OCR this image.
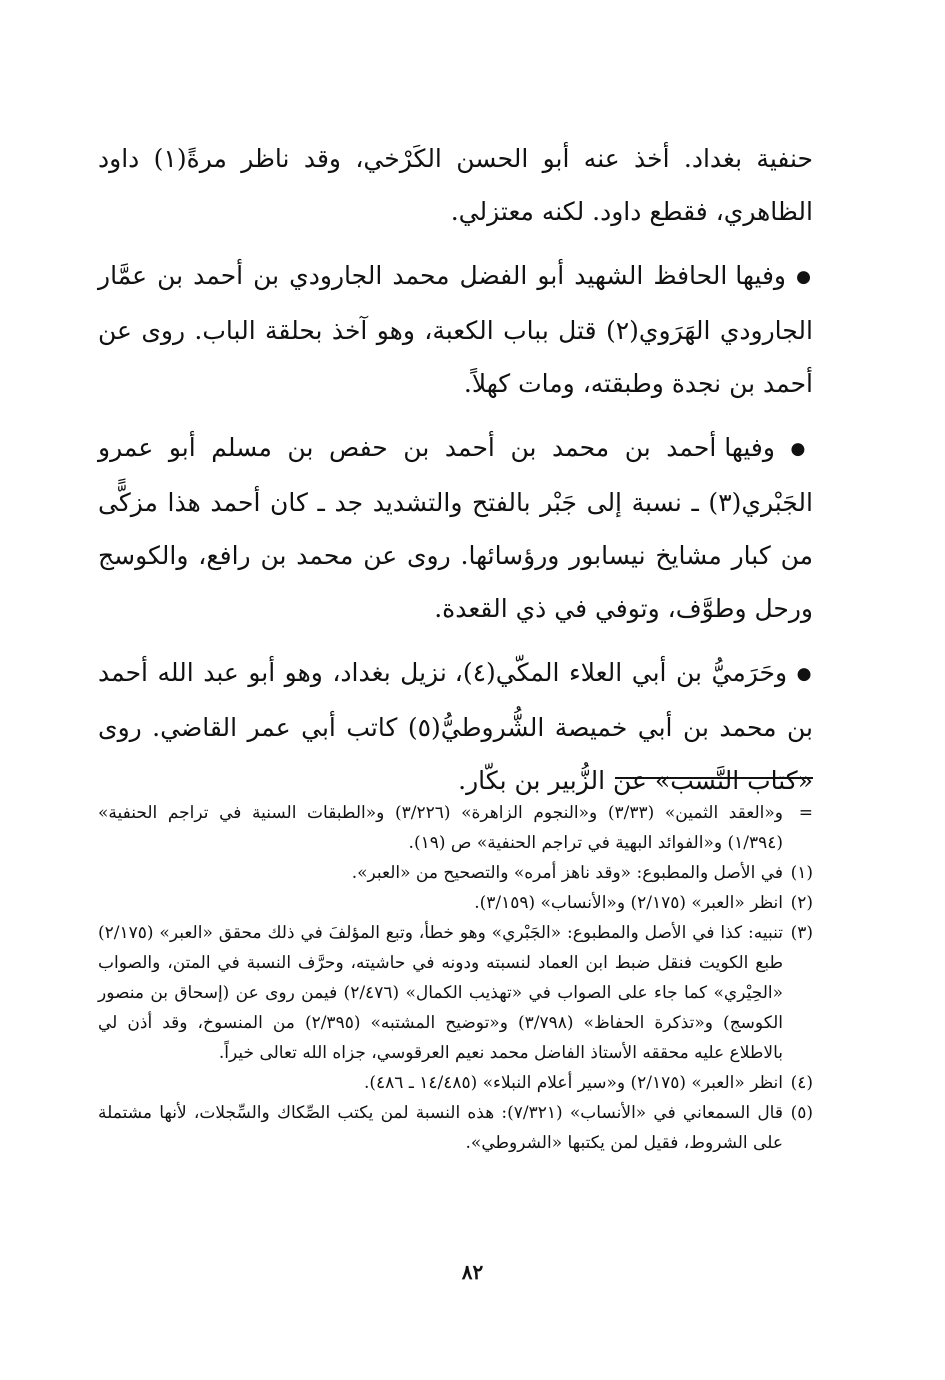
حنفية بغداد. أخذ عنه أبو الحسن الكَرْخي، وقد ناظر مرةً(١) داود الظاهري، فقطع داود. لكنه معتزلي.

● وفيها الحافظ الشهيد أبو الفضل محمد الجارودي بن أحمد بن عمَّار الجارودي الهَرَوي(٢) قتل بباب الكعبة، وهو آخذ بحلقة الباب. روى عن أحمد بن نجدة وطبقته، ومات كهلاً.

● وفيها أحمد بن محمد بن أحمد بن حفص بن مسلم أبو عمرو الجَبْري(٣) ـ نسبة إلى جَبْر بالفتح والتشديد جد ـ كان أحمد هذا مزكًّى من كبار مشايخ نيسابور ورؤسائها. روى عن محمد بن رافع، والكوسج ورحل وطوَّف، وتوفي في ذي القعدة.

● وحَرَميُّ بن أبي العلاء المكّي(٤)، نزيل بغداد، وهو أبو عبد الله أحمد بن محمد بن أبي خميصة الشُّروطيُّ(٥) كاتب أبي عمر القاضي. روى «كتاب النَّسب» عن الزُّبير بن بكّار.

=
و«العقد الثمين» (٣/٣٣) و«النجوم الزاهرة» (٣/٢٢٦) و«الطبقات السنية في تراجم الحنفية» (١/٣٩٤) و«الفوائد البهية في تراجم الحنفية» ص (١٩).
(١)
في الأصل والمطبوع: «وقد ناهز أمره» والتصحيح من «العبر».
(٢)
انظر «العبر» (٢/١٧٥) و«الأنساب» (٣/١٥٩).
(٣)
تنبيه: كذا في الأصل والمطبوع: «الجَبْري» وهو خطأ، وتبع المؤلفَ في ذلك محقق «العبر» (٢/١٧٥) طبع الكويت فنقل ضبط ابن العماد لنسبته ودونه في حاشيته، وحرَّف النسبة في المتن، والصواب «الحِيْري» كما جاء على الصواب في «تهذيب الكمال» (٢/٤٧٦) فيمن روى عن (إسحاق بن منصور الكوسج) و«تذكرة الحفاظ» (٣/٧٩٨) و«توضيح المشتبه» (٢/٣٩٥) من المنسوخ، وقد أذن لي بالاطلاع عليه محققه الأستاذ الفاضل محمد نعيم العرقوسي، جزاه الله تعالى خيراً.
(٤)
انظر «العبر» (٢/١٧٥) و«سير أعلام النبلاء» (١٤/٤٨٥ ـ ٤٨٦).
(٥)
قال السمعاني في «الأنساب» (٧/٣٢١): هذه النسبة لمن يكتب الصِّكاك والسِّجلات، لأنها مشتملة على الشروط، فقيل لمن يكتبها «الشروطي».
٨٢
